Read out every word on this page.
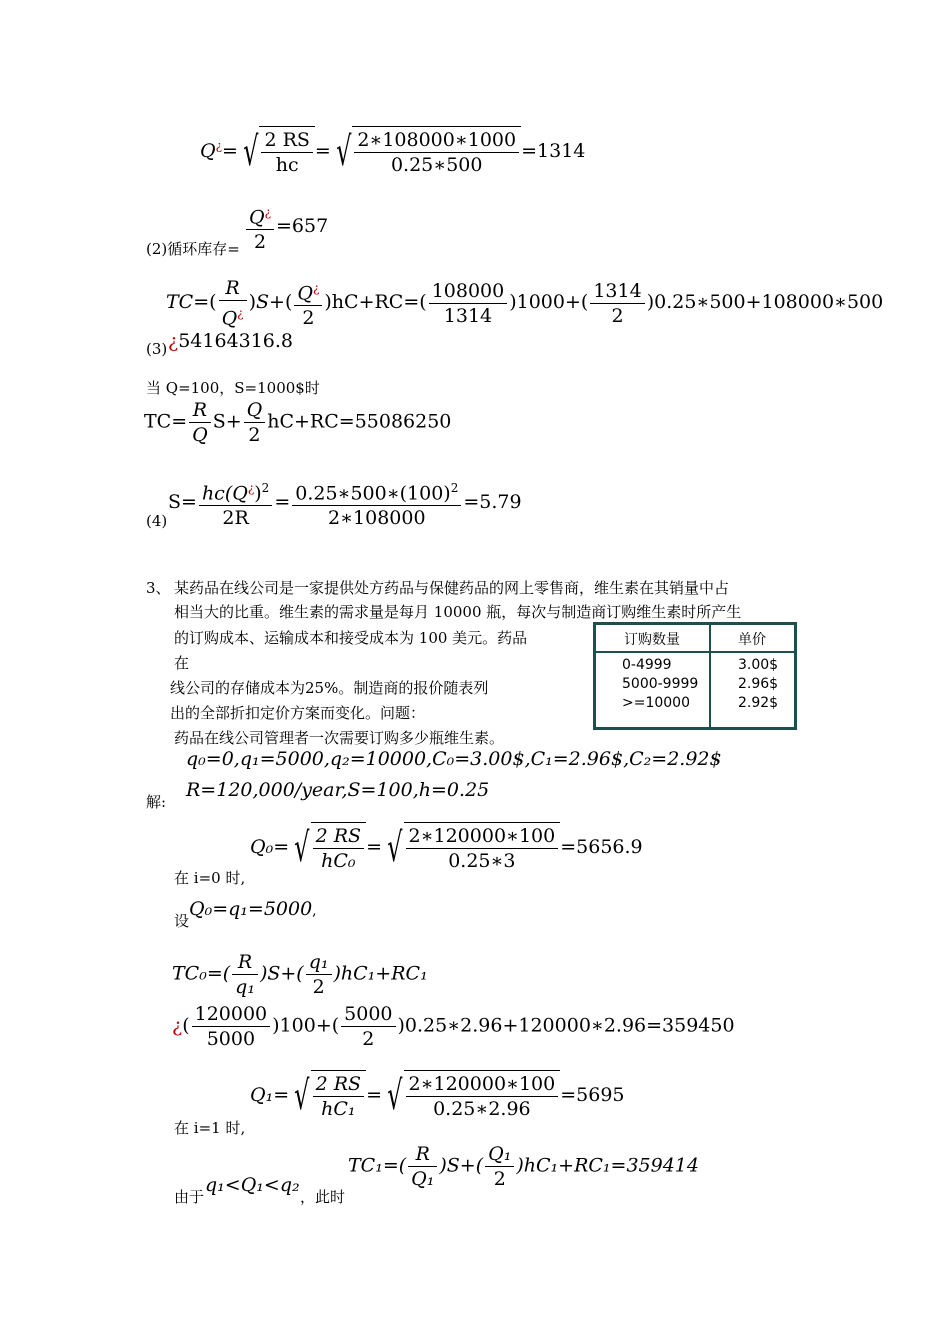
Q¿= √ $\frac{2 RS}{hc}$ = √ $\frac{2∗108000∗1000}{0.25∗500} =1314$
(2)循环库存= $\frac{Q^¿}{2} =657$
$TC=( \frac{R}{Q^¿} )S+( \frac{Q^¿}{2} )hC+RC=( \frac{108000}{1314} )1000+( \frac{1314}{2}$ )0.25∗500+108000∗500
(3) ¿54164316.8
当 Q=100，S=1000$时
$TC= \frac{R}{Q} S+ \frac{Q}{2} hC+RC=55086250$
(4)
$S= \frac{hc(Q^¿)^2}{2R} = \frac{0.25∗500∗(100)^2}{2∗108000} =5.79$
3、 某药品在线公司是一家提供处方药品与保健药品的网上零售商，维生素在其销量中占
相当大的比重。维生素的需求量是每月 10000 瓶，每次与制造商订购维生素时所产生
的订购成本、运输成本和接受成本为 100 美元。药品
在
线公司的存储成本为25%。制造商的报价随表列
出的全部折扣定价方案而变化。问题：
药品在线公司管理者一次需要订购多少瓶维生素。
订购数量	单价
0-4999	3.00$
5000-9999	2.96$
>=10000	2.92$
q₀=0,q₁=5000,q₂=10000,C₀=3.00$,C₁=2.96$,C₂=2.92$
解:
R=120,000/year,S=100,h=0.25
在 i=0 时,
Q₀= √ $\frac{2 RS}{\text{hC₀}}$ = √ $\frac{2∗120000∗100}{0.25∗3} =5656.9$
设
Q₀=q₁=5000,
$TC_0=( \frac{R}{\text{q₁}} )S+( \frac{\text{q₁}}{2} )hC_1+RC_1$
¿( $\frac{120000}{5000} )100+( \frac{5000}{2}$ )0.25∗2.96+120000∗2.96=359450
在 i=1 时,
Q₁= √ $\frac{2 RS}{\text{hC₁}}$ = √ $\frac{2∗120000∗100}{0.25∗2.96} =5695$
由于
q₁<Q₁<q₂
，此时
$TC_1=( \frac{R}{\text{Q₁}} )S+( \frac{\text{Q₁}}{2} )hC_1+RC_1=359414$
